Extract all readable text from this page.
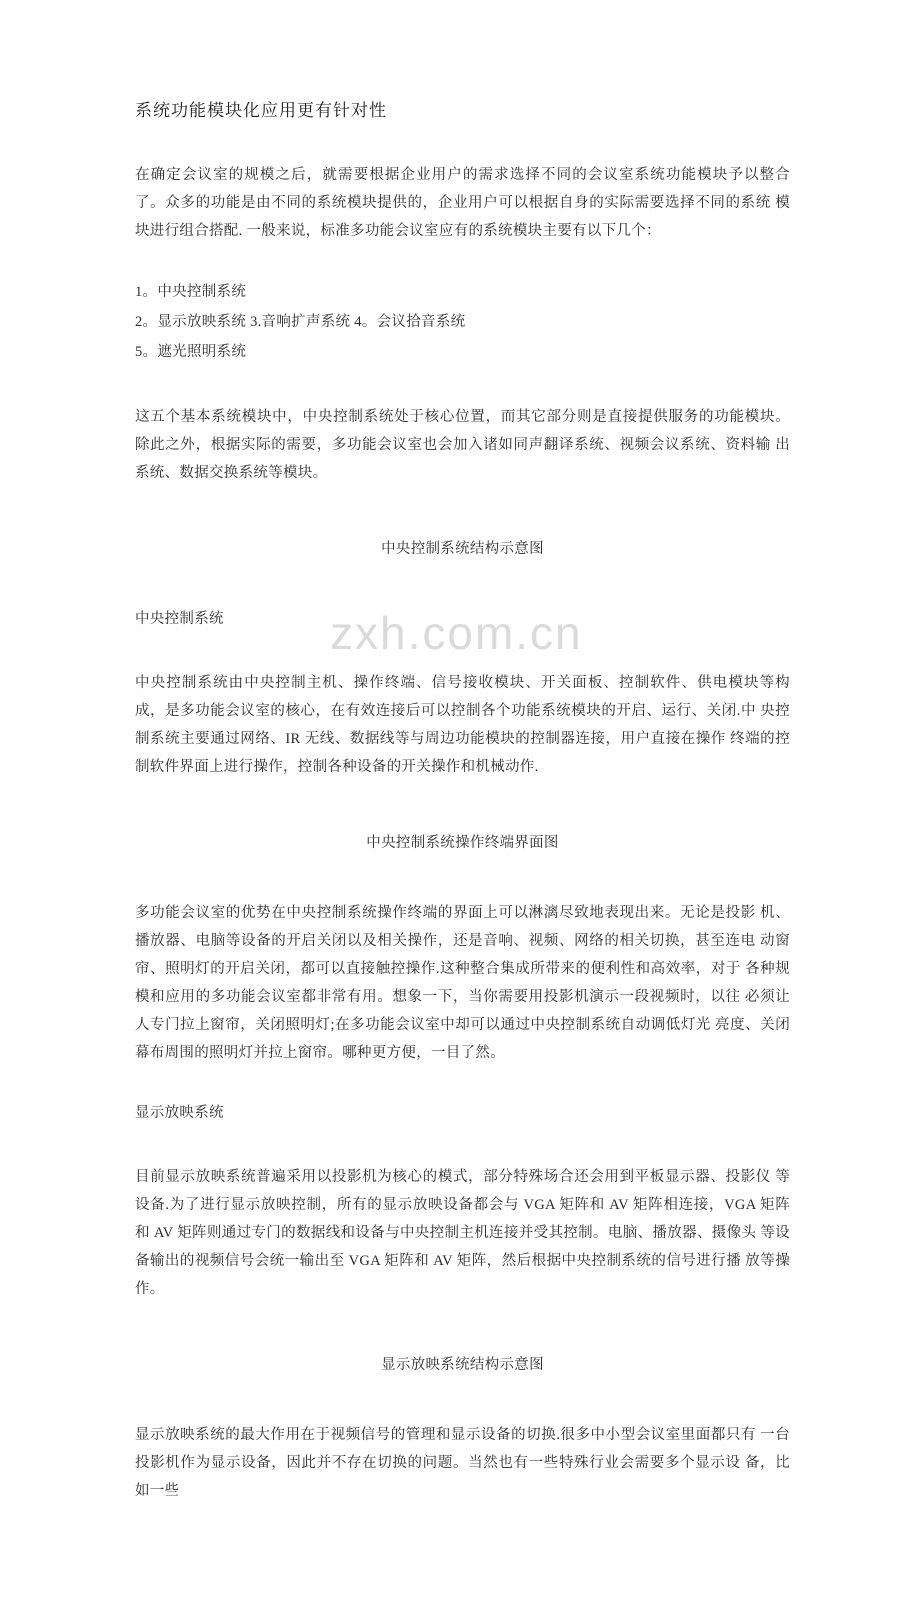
zxh.com.cn
系统功能模块化应用更有针对性

在确定会议室的规模之后，就需要根据企业用户的需求选择不同的会议室系统功能模块予以整合 了。众多的功能是由不同的系统模块提供的，企业用户可以根据自身的实际需要选择不同的系统 模块进行组合搭配. 一般来说，标准多功能会议室应有的系统模块主要有以下几个：

1。中央控制系统

2。显示放映系统 3.音响扩声系统 4。会议拾音系统

5。遮光照明系统

这五个基本系统模块中，中央控制系统处于核心位置，而其它部分则是直接提供服务的功能模块。 除此之外，根据实际的需要，多功能会议室也会加入诸如同声翻译系统、视频会议系统、资料输 出系统、数据交换系统等模块。

中央控制系统结构示意图

中央控制系统

中央控制系统由中央控制主机、操作终端、信号接收模块、开关面板、控制软件、供电模块等构 成，是多功能会议室的核心，在有效连接后可以控制各个功能系统模块的开启、运行、关闭.中 央控制系统主要通过网络、IR 无线、数据线等与周边功能模块的控制器连接，用户直接在操作 终端的控制软件界面上进行操作，控制各种设备的开关操作和机械动作.

中央控制系统操作终端界面图

多功能会议室的优势在中央控制系统操作终端的界面上可以淋漓尽致地表现出来。无论是投影 机、播放器、电脑等设备的开启关闭以及相关操作，还是音响、视频、网络的相关切换，甚至连电 动窗帘、照明灯的开启关闭，都可以直接触控操作.这种整合集成所带来的便利性和高效率，对于 各种规模和应用的多功能会议室都非常有用。想象一下，当你需要用投影机演示一段视频时，以往 必须让人专门拉上窗帘，关闭照明灯;在多功能会议室中却可以通过中央控制系统自动调低灯光 亮度、关闭幕布周围的照明灯并拉上窗帘。哪种更方便，一目了然。

显示放映系统

目前显示放映系统普遍采用以投影机为核心的模式，部分特殊场合还会用到平板显示器、投影仪 等设备.为了进行显示放映控制，所有的显示放映设备都会与 VGA 矩阵和 AV 矩阵相连接，VGA 矩阵 和 AV 矩阵则通过专门的数据线和设备与中央控制主机连接并受其控制。电脑、播放器、摄像头 等设备输出的视频信号会统一输出至 VGA 矩阵和 AV 矩阵，然后根据中央控制系统的信号进行播 放等操作。

显示放映系统结构示意图

显示放映系统的最大作用在于视频信号的管理和显示设备的切换.很多中小型会议室里面都只有 一台投影机作为显示设备，因此并不存在切换的问题。当然也有一些特殊行业会需要多个显示设 备，比如一些
